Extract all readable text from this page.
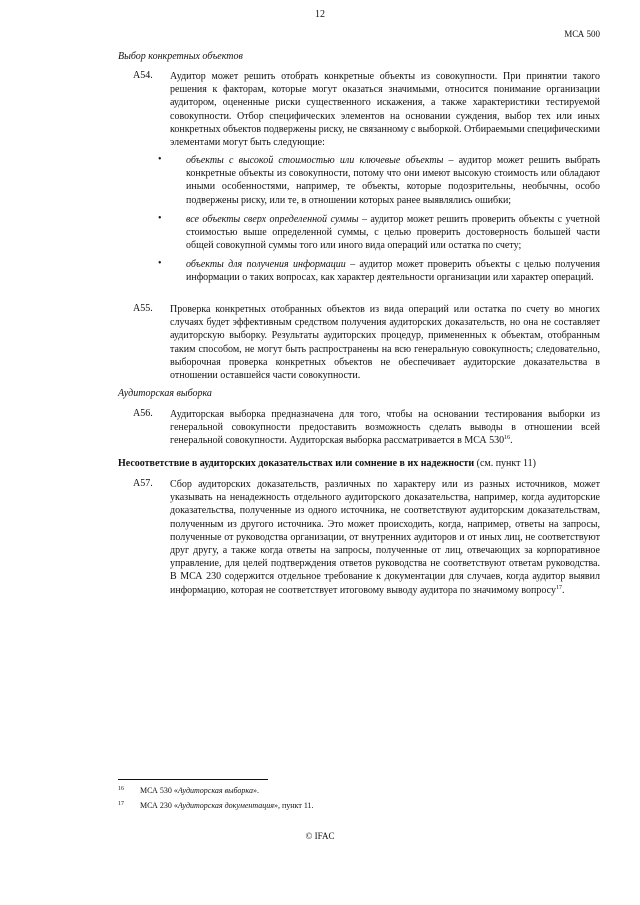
12
МСА 500
Выбор конкретных объектов
A54. Аудитор может решить отобрать конкретные объекты из совокупности. При принятии такого решения к факторам, которые могут оказаться значимыми, относится понимание организации аудитором, оцененные риски существенного искажения, а также характеристики тестируемой совокупности. Отбор специфических элементов на основании суждения, выбор тех или иных конкретных объектов подвержены риску, не связанному с выборкой. Отбираемыми специфическими элементами могут быть следующие:
• объекты с высокой стоимостью или ключевые объекты – аудитор может решить выбрать конкретные объекты из совокупности, потому что они имеют высокую стоимость или обладают иными особенностями, например, те объекты, которые подозрительны, необычны, особо подвержены риску, или те, в отношении которых ранее выявлялись ошибки;
• все объекты сверх определенной суммы – аудитор может решить проверить объекты с учетной стоимостью выше определенной суммы, с целью проверить достоверность большей части общей совокупной суммы того или иного вида операций или остатка по счету;
• объекты для получения информации – аудитор может проверить объекты с целью получения информации о таких вопросах, как характер деятельности организации или характер операций.
A55. Проверка конкретных отобранных объектов из вида операций или остатка по счету во многих случаях будет эффективным средством получения аудиторских доказательств, но она не составляет аудиторскую выборку. Результаты аудиторских процедур, примененных к объектам, отобранным таким способом, не могут быть распространены на всю генеральную совокупность; следовательно, выборочная проверка конкретных объектов не обеспечивает аудиторские доказательства в отношении оставшейся части совокупности.
Аудиторская выборка
A56. Аудиторская выборка предназначена для того, чтобы на основании тестирования выборки из генеральной совокупности предоставить возможность сделать выводы в отношении всей генеральной совокупности. Аудиторская выборка рассматривается в МСА $530^{16}$.
Несоответствие в аудиторских доказательствах или сомнение в их надежности (см. пункт 11)
A57. Сбор аудиторских доказательств, различных по характеру или из разных источников, может указывать на ненадежность отдельного аудиторского доказательства, например, когда аудиторские доказательства, полученные из одного источника, не соответствуют аудиторским доказательствам, полученным из другого источника. Это может происходить, когда, например, ответы на запросы, полученные от руководства организации, от внутренних аудиторов и от иных лиц, не соответствуют друг другу, а также когда ответы на запросы, полученные от лиц, отвечающих за корпоративное управление, для целей подтверждения ответов руководства не соответствуют ответам руководства. В МСА 230 содержится отдельное требование к документации для случаев, когда аудитор выявил информацию, которая не соответствует итоговому выводу аудитора по значимому вопросу$^{17}$.
16 МСА 530 «Аудиторская выборка».
17 МСА 230 «Аудиторская документация», пункт 11.
© IFAC
